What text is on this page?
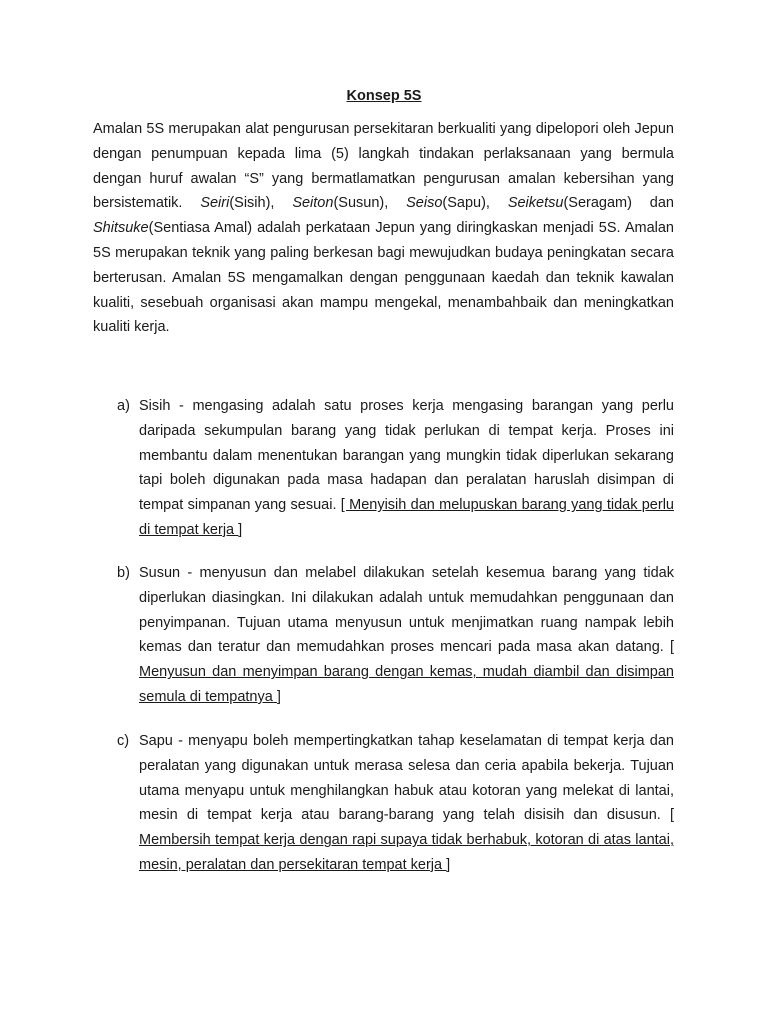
Konsep 5S

Amalan 5S merupakan alat pengurusan persekitaran berkualiti yang dipelopori oleh Jepun dengan penumpuan kepada lima (5) langkah tindakan perlaksanaan yang bermula dengan huruf awalan “S” yang bermatlamatkan pengurusan amalan kebersihan yang bersistematik. Seiri(Sisih), Seiton(Susun), Seiso(Sapu), Seiketsu(Seragam) dan Shitsuke(Sentiasa Amal) adalah perkataan Jepun yang diringkaskan menjadi 5S. Amalan 5S merupakan teknik yang paling berkesan bagi mewujudkan budaya peningkatan secara berterusan. Amalan 5S mengamalkan dengan penggunaan kaedah dan teknik kawalan kualiti, sesebuah organisasi akan mampu mengekal, menambahbaik dan meningkatkan kualiti kerja.

a) Sisih - mengasing adalah satu proses kerja mengasing barangan yang perlu daripada sekumpulan barang yang tidak perlukan di tempat kerja. Proses ini membantu dalam menentukan barangan yang mungkin tidak diperlukan sekarang tapi boleh digunakan pada masa hadapan dan peralatan haruslah disimpan di tempat simpanan yang sesuai. [ Menyisih dan melupuskan barang yang tidak perlu di tempat kerja ]

b) Susun - menyusun dan melabel dilakukan setelah kesemua barang yang tidak diperlukan diasingkan. Ini dilakukan adalah untuk memudahkan penggunaan dan penyimpanan. Tujuan utama menyusun untuk menjimatkan ruang nampak lebih kemas dan teratur dan memudahkan proses mencari pada masa akan datang. [ Menyusun dan menyimpan barang dengan kemas, mudah diambil dan disimpan semula di tempatnya ]

c) Sapu - menyapu boleh mempertingkatkan tahap keselamatan di tempat kerja dan peralatan yang digunakan untuk merasa selesa dan ceria apabila bekerja. Tujuan utama menyapu untuk menghilangkan habuk atau kotoran yang melekat di lantai, mesin di tempat kerja atau barang-barang yang telah disisih dan disusun. [ Membersih tempat kerja dengan rapi supaya tidak berhabuk, kotoran di atas lantai, mesin, peralatan dan persekitaran tempat kerja ]
